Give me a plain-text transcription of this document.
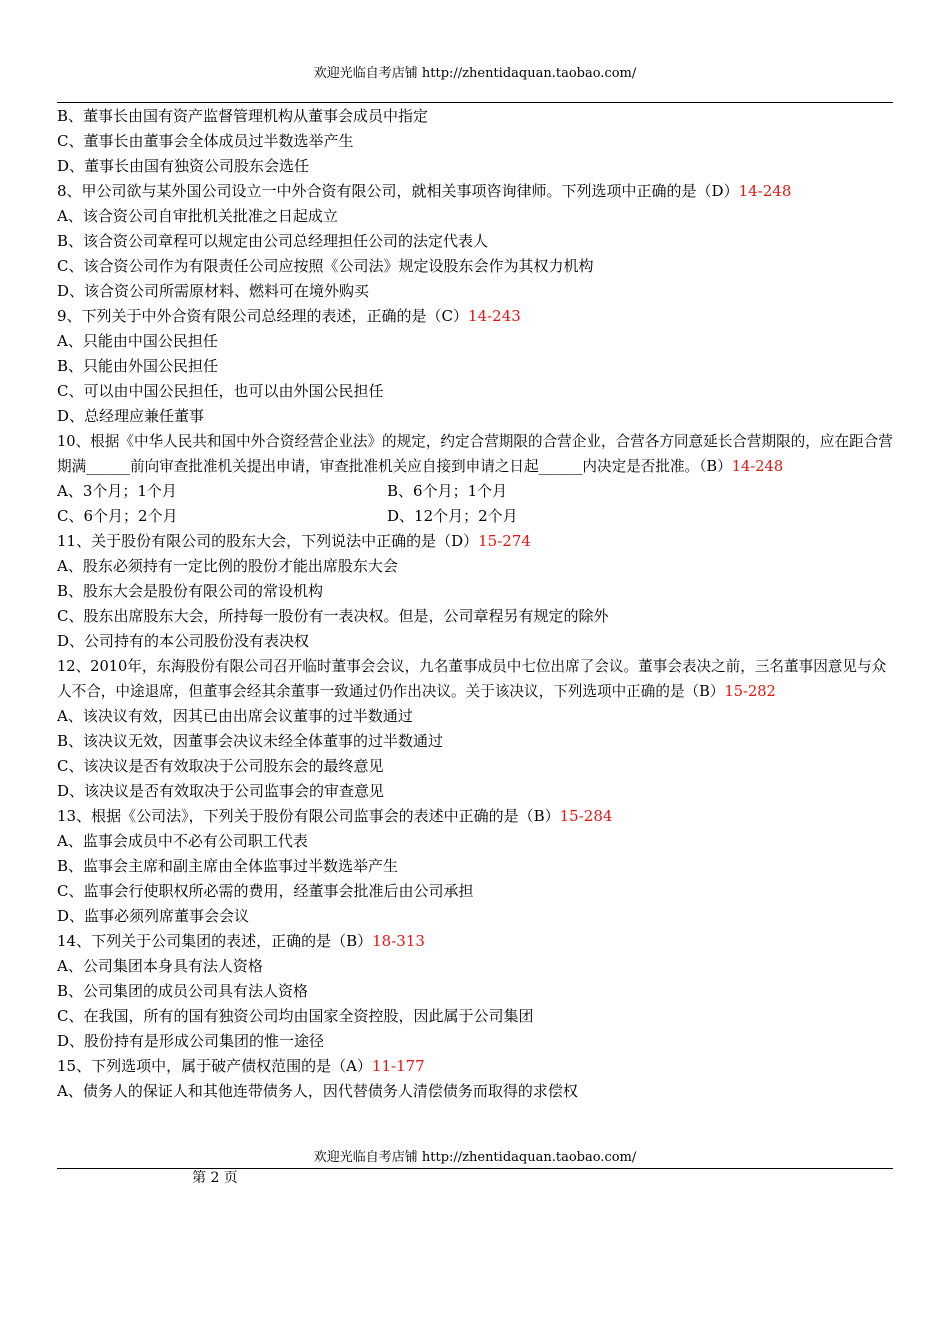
欢迎光临自考店铺 http://zhentidaquan.taobao.com/
B、董事长由国有资产监督管理机构从董事会成员中指定
C、董事长由董事会全体成员过半数选举产生
D、董事长由国有独资公司股东会选任
8、甲公司欲与某外国公司设立一中外合资有限公司，就相关事项咨询律师。下列选项中正确的是（D）14-248
A、该合资公司自审批机关批准之日起成立
B、该合资公司章程可以规定由公司总经理担任公司的法定代表人
C、该合资公司作为有限责任公司应按照《公司法》规定设股东会作为其权力机构
D、该合资公司所需原材料、燃料可在境外购买
9、下列关于中外合资有限公司总经理的表述，正确的是（C）14-243
A、只能由中国公民担任
B、只能由外国公民担任
C、可以由中国公民担任，也可以由外国公民担任
D、总经理应兼任董事
10、根据《中华人民共和国中外合资经营企业法》的规定，约定合营期限的合营企业，合营各方同意延长合营期限的，应在距合营期满______前向审查批准机关提出申请，审查批准机关应自接到申请之日起______内决定是否批准。（B）14-248
A、3个月；1个月	B、6个月；1个月
C、6个月；2个月	D、12个月；2个月
11、关于股份有限公司的股东大会，下列说法中正确的是（D）15-274
A、股东必须持有一定比例的股份才能出席股东大会
B、股东大会是股份有限公司的常设机构
C、股东出席股东大会，所持每一股份有一表决权。但是，公司章程另有规定的除外
D、公司持有的本公司股份没有表决权
12、2010年，东海股份有限公司召开临时董事会会议，九名董事成员中七位出席了会议。董事会表决之前，三名董事因意见与众人不合，中途退席，但董事会经其余董事一致通过仍作出决议。关于该决议，下列选项中正确的是（B）15-282
A、该决议有效，因其已由出席会议董事的过半数通过
B、该决议无效，因董事会决议未经全体董事的过半数通过
C、该决议是否有效取决于公司股东会的最终意见
D、该决议是否有效取决于公司监事会的审查意见
13、根据《公司法》，下列关于股份有限公司监事会的表述中正确的是（B）15-284
A、监事会成员中不必有公司职工代表
B、监事会主席和副主席由全体监事过半数选举产生
C、监事会行使职权所必需的费用，经董事会批准后由公司承担
D、监事必须列席董事会会议
14、下列关于公司集团的表述，正确的是（B）18-313
A、公司集团本身具有法人资格
B、公司集团的成员公司具有法人资格
C、在我国，所有的国有独资公司均由国家全资控股，因此属于公司集团
D、股份持有是形成公司集团的惟一途径
15、下列选项中，属于破产债权范围的是（A）11-177
A、债务人的保证人和其他连带债务人，因代替债务人清偿债务而取得的求偿权
欢迎光临自考店铺 http://zhentidaquan.taobao.com/
第 2 页
